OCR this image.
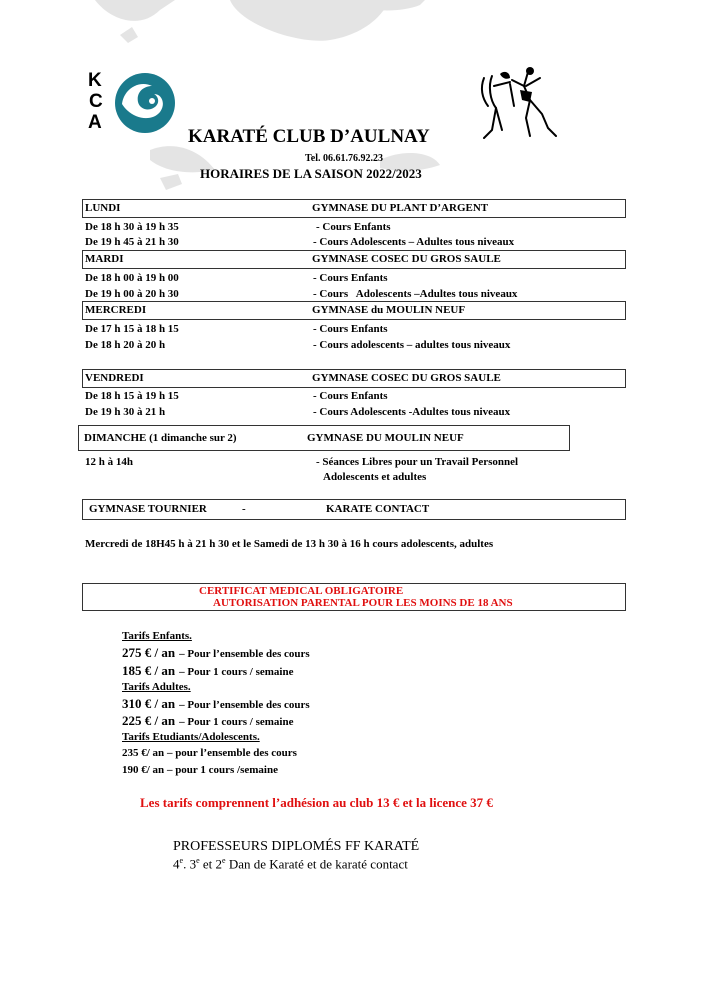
K
C
A
KARATÉ CLUB D’AULNAY
Tel. 06.61.76.92.23
HORAIRES DE LA SAISON 2022/2023
LUNDI	GYMNASE DU PLANT D’ARGENT
De 18 h 30 à 19 h 35	- Cours Enfants
De 19 h 45 à 21 h 30	- Cours Adolescents – Adultes tous niveaux
MARDI	GYMNASE COSEC DU GROS SAULE
De 18 h 00 à 19 h 00	- Cours Enfants
De 19 h 00 à 20 h 30	- Cours   Adolescents –Adultes tous niveaux
MERCREDI	GYMNASE du MOULIN NEUF
De 17 h 15 à 18 h 15	- Cours Enfants
De 18 h 20 à 20 h	- Cours adolescents – adultes tous niveaux
VENDREDI	GYMNASE COSEC DU GROS SAULE
De 18 h 15 à 19 h 15	- Cours Enfants
De 19 h 30 à 21 h	- Cours Adolescents -Adultes tous niveaux
DIMANCHE (1 dimanche sur 2)	GYMNASE DU MOULIN NEUF
12 h à 14h	- Séances Libres pour un Travail Personnel
Adolescents et adultes
GYMNASE TOURNIER	-	KARATE CONTACT
Mercredi de 18H45 h à 21 h 30 et le Samedi de 13 h 30 à 16 h cours adolescents, adultes
CERTIFICAT MEDICAL OBLIGATOIRE
AUTORISATION PARENTAL POUR LES MOINS DE 18 ANS
Tarifs Enfants.
275 € / an – Pour l’ensemble des cours
185 € / an – Pour 1 cours / semaine
Tarifs Adultes.
310 € / an – Pour l’ensemble des cours
225 € / an – Pour 1 cours / semaine
Tarifs Etudiants/Adolescents.
235 €/ an – pour l’ensemble des cours
190 €/ an – pour 1 cours /semaine
Les tarifs comprennent l’adhésion au club 13 € et la licence 37 €
PROFESSEURS DIPLOMÉS FF KARATÉ
4e. 3e et 2e Dan de Karaté et de karaté contact
